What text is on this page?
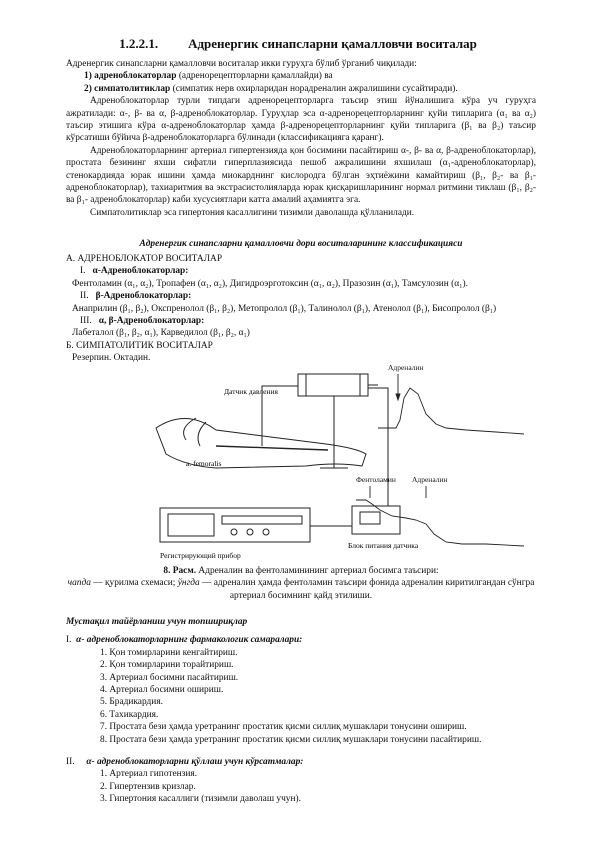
1.2.2.1. Адренергик синапсларни қамалловчи воситалар

Адренергик синапсларни қамалловчи воситалар икки гуруҳга бўлиб ўрганиб чиқилади:

1) адреноблокаторлар (адренорецепторларни қамаллайди) ва

2) симпатолитиклар (симпатик нерв охирларидан норадреналин ажралишини сусайтиради).

Адреноблокаторлар турли типдаги адренорецепторларга таъсир этиш йўналишига кўра уч гуруҳга ажратилади: α-, β- ва α, β-адреноблокаторлар. Гуруҳлар эса α-адренорецепторларнинг қуйи типларига (α₁ ва α₂) таъсир этишига кўра α-адреноблокаторлар ҳамда β-адренорецепторларнинг қуйи типларига (β₁ ва β₂) таъсир кўрсатиши бўйича β-адреноблокаторларга бўлинади (классификацияга қаранг).

Адреноблокаторларнинг артериал гипертензияда қон босимини пасайтириш α-, β- ва α, β-адреноблокаторлар), простата безининг яхши сифатли гиперплазиясида пешоб ажралишини яхшилаш (α₁-адреноблокаторлар), стенокардияда юрак ишини ҳамда миокарднинг кислородга бўлган эҳтиёжини камайтириш (β₁, β₂- ва β₁- адреноблокаторлар), тахиаритмия ва экстрасистолияларда юрак қисқаришларининг нормал ритмини тиклаш (β₁, β₂- ва β₁- адреноблокаторлар) каби хусусиятлари катта амалий аҳамиятга эга.

Симпатолитиклар эса гипертония касаллигини тизимли даволашда қўлланилади.

Адренергик синапсларни қамалловчи дори воситаларининг классификацияси

А. АДРЕНОБЛОКАТОР ВОСИТАЛАР

I. α-Адреноблокаторлар:

Фентоламин (α₁, α₂), Тропафен (α₁, α₂), Дигидроэрготоксин (α₁, α₂), Празозин (α₁), Тамсулозин (α₁).

II. β-Адреноблокаторлар:

Анаприлин (β₁, β₂), Окспренолол (β₁, β₂), Метопролол (β₁), Талинолол (β₁), Атенолол (β₁), Бисопролол (β₁)

III. α, β-Адреноблокаторлар:

Лабеталол (β₁, β₂, α₁), Карведилол (β₁, β₂, α₁)

Б. СИМПАТОЛИТИК ВОСИТАЛАР

Резерпин. Октадин.

Датчик давления
a. femoralis
Регистрирующий прибор
Блок питания датчика
Адреналин
Фентоламин Адреналин

8. Расм. Адреналин ва фентоламинининг артериал босимга таъсири:

чапда — қурилма схемаси; ўнгда — адреналин ҳамда фентоламин таъсири фонида адреналин киритилгандан сўнгра артериал босимнинг қайд этилиши.

Мустақил тайёрланиш учун топшириқлар

I. α- адреноблокаторларнинг фармакологик самаралари:

1. Қон томирларини кенгайтириш.
2. Қон томирларини торайтириш.
3. Артериал босимни пасайтириш.
4. Артериал босимни ошириш.
5. Брадикардия.
6. Тахикардия.
7. Простата бези ҳамда уретранинг простатик қисми силлиқ мушаклари тонусини ошириш.
8. Простата бези ҳамда уретранинг простатик қисми силлиқ мушаклари тонусини пасайтириш.

II. α- адреноблокаторларни қўллаш учун кўрсатмалар:

1. Артериал гипотензия.
2. Гипертензив кризлар.
3. Гипертония касаллиги (тизимли даволаш учун).
